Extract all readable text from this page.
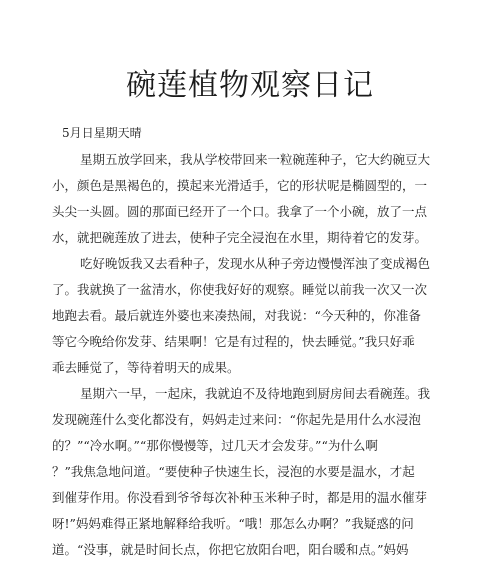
碗莲植物观察日记

5月日星期天晴

星期五放学回来，我从学校带回来一粒碗莲种子，它大约碗豆大

小，颜色是黑褐色的，摸起来光滑适手，它的形状呢是椭圆型的，一

头尖一头圆。圆的那面已经开了一个口。我拿了一个小碗，放了一点

水，就把碗莲放了进去，使种子完全浸泡在水里，期待着它的发芽。

吃好晚饭我又去看种子，发现水从种子旁边慢慢浑浊了变成褐色

了。我就换了一盆清水，你使我好好的观察。睡觉以前我一次又一次

地跑去看。最后就连外婆也来凑热闹，对我说：“今天种的，你准备

等它今晚给你发芽、结果啊！它是有过程的，快去睡觉。”我只好乖

乖去睡觉了，等待着明天的成果。

星期六一早，一起床，我就迫不及待地跑到厨房间去看碗莲。我

发现碗莲什么变化都没有，妈妈走过来问：“你起先是用什么水浸泡

的？”“冷水啊。”“那你慢慢等，过几天才会发芽。”“为什么啊

？”我焦急地问道。“要使种子快速生长，浸泡的水要是温水，才起

到催芽作用。你没看到爷爷每次补种玉米种子时，都是用的温水催芽

呀!”妈妈难得正紧地解释给我听。“哦！那怎么办啊？”我疑惑的问

道。“没事，就是时间长点，你把它放阳台吧，阳台暖和点。”妈妈
